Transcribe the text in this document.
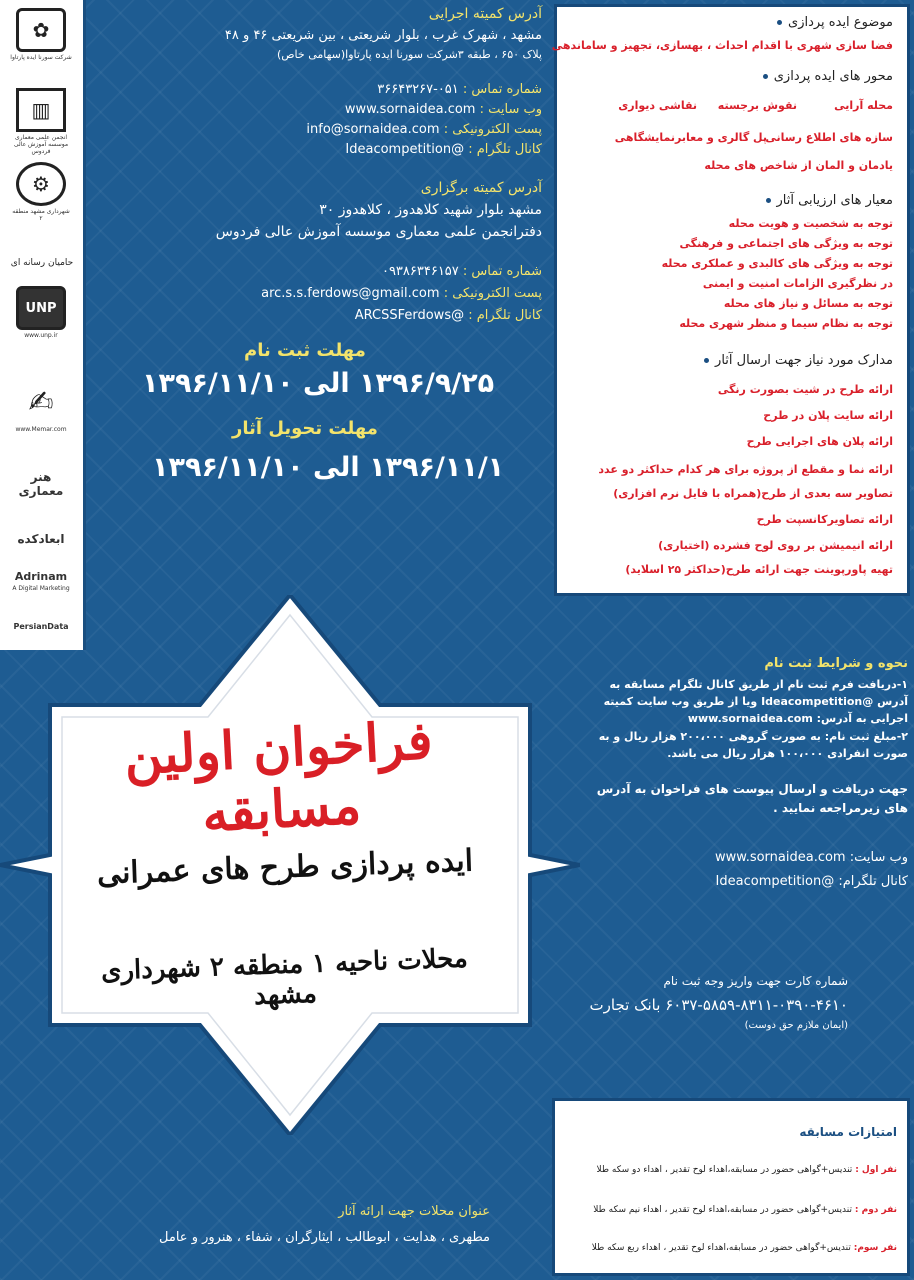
✿
شرکت سورنا ایده پارتاوا
▥
انجمن علمی معماری موسسه آموزش عالی فردوس
⚙
شهرداری مشهد منطقه ۲
حامیان رسانه ای
UNP
www.unp.ir
✍
www.Memar.com
هنر معماری
ابعادکده
Adrinam
A Digital Marketing
PersianData
آدرس کمیته اجرایی
مشهد ، شهرک غرب ، بلوار شریعتی ، بین شریعتی ۴۶ و ۴۸
پلاک ۶۵۰ ، طبقه ۳شرکت سورنا ایده پارتاوا(سهامی خاص)
شماره تماس : ۰۵۱-۳۶۶۴۳۲۶۷
وب سایت : www.sornaidea.com
پست الکترونیکی : info@sornaidea.com
کانال تلگرام : @Ideacompetition
آدرس کمیته برگزاری
مشهد بلوار شهید کلاهدوز ، کلاهدوز ۳۰
دفترانجمن علمی معماری موسسه آموزش عالی فردوس
شماره تماس : ۰۹۳۸۶۳۴۶۱۵۷
پست الکترونیکی : arc.s.s.ferdows@gmail.com
کانال تلگرام : @ARCSSFerdows
مهلت ثبت نام
۱۳۹۶/۹/۲۵ الی ۱۳۹۶/۱۱/۱۰
مهلت تحویل آثار
۱۳۹۶/۱۱/۱ الی ۱۳۹۶/۱۱/۱۰
موضوع ایده پردازی
فضا سازی شهری با اقدام احداث ، بهسازی، تجهیز و ساماندهی
محور های ایده پردازی
محله آرایی
نقوش برجسته
نقاشی دیواری
پل گالری و معابرنمایشگاهی
سازه های اطلاع رسانی
یادمان و المان از شاخص های محله
معیار های ارزیابی آثار
توجه به شخصیت و هویت محله
توجه به ویژگی های اجتماعی و فرهنگی
توجه به ویژگی های کالبدی و عملکری محله
در نظرگیری الزامات امنیت و ایمنی
توجه به مسائل و نیاز های محله
توجه به نظام سیما و منظر شهری محله
مدارک مورد نیاز جهت ارسال آثار
ارائه طرح در شیت بصورت رنگی
ارائه سایت پلان در طرح
ارائه پلان های اجرایی طرح
ارائه نما و مقطع از پروژه برای هر کدام حداکثر دو عدد
تصاویر سه بعدی از طرح(همراه با فایل نرم افزاری)
ارائه تصاویرکانسپت طرح
ارائه انیمیشن بر روی لوح فشرده (اختیاری)
تهیه پاورپوینت جهت ارائه طرح(حداکثر ۲۵ اسلاید)
فراخوان اولین مسابقه
ایده پردازی طرح های عمرانی
محلات ناحیه ۱ منطقه ۲ شهرداری مشهد
نحوه و شرایط ثبت نام
۱-دریافت فرم ثبت نام از طریق کانال تلگرام مسابقه به آدرس @Ideacompetition ویا از طریق وب سایت کمیته اجرایی به آدرس: www.sornaidea.com
۲-مبلغ ثبت نام: به صورت گروهی ۲۰۰،۰۰۰ هزار ریال و به صورت انفرادی ۱۰۰،۰۰۰ هزار ریال می باشد.
جهت دریافت و ارسال پیوست های فراخوان به آدرس های زیرمراجعه نمایید .
وب سایت: www.sornaidea.com
کانال تلگرام: @Ideacompetition
شماره کارت جهت واریز وجه ثبت نام
۶۰۳۷-۵۸۵۹-۸۳۱۱-۰۳۹۰-۴۶۱۰ بانک تجارت
(ایمان ملازم حق دوست)
امتیازات مسابقه
نفر اول : تندیس+گواهی حضور در مسابقه،اهداء لوح تقدیر ، اهداء دو سکه طلا
نفر دوم : تندیس+گواهی حضور در مسابقه،اهداء لوح تقدیر ، اهداء نیم سکه طلا
نفر سوم: تندیس+گواهی حضور در مسابقه،اهداء لوح تقدیر ، اهداء ربع سکه طلا
عنوان محلات جهت ارائه آثار
مطهری ، هدایت ، ابوطالب ، ایثارگران ، شفاء ، هنرور و عامل
